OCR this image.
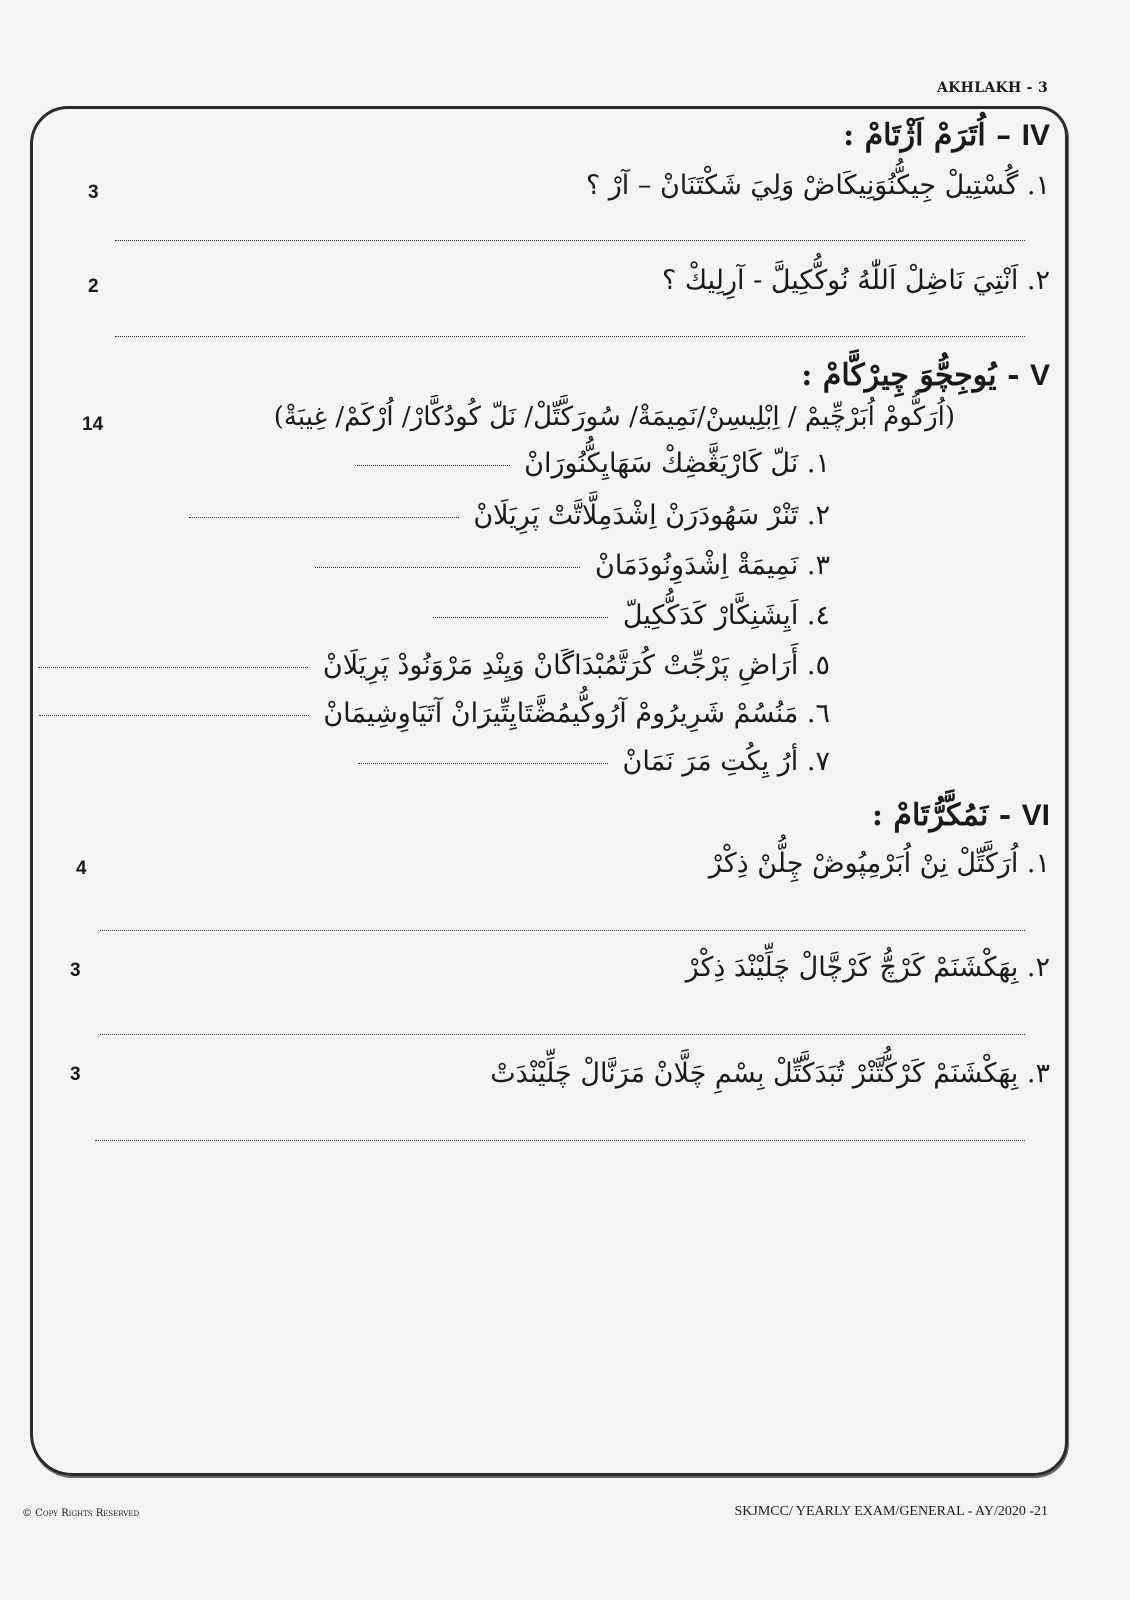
AKHLAKH - 3
IV – اُتَرَمْ اَژْتَامْ :
١. گُسْتِيلْ جِيكُّنُوَنِيكَاڞْ وَلِيَ شَكْتَنَانْ – آرْ ؟
3
٢. اَنْتِيَ نَاڞِلْ اَللّٰهُ نُوكُّكِيلَّ - آرِلِيكْ ؟
2
V - يُوجِچُّوَ چِيرْكَّامْ :
14	(اُرَكُّومْ اُبَرْچِّيمْ / اِبْلِيسِنْ/نَمِيمَةْ/ سُورَكَّتِّلْ/ نَلّ كُودُكَّارْ/ اُرْكَمْ/ غِيبَةْ)
١. نَلّ كَارْيَڠَّڞِكْ سَهَايِكُّنُورَانْ
٢. تَنْرْ سَهُودَرَنْ اِشْدَمِلَّاتَّتْ پَرِيَلَانْ
٣. نَمِيمَةْ اِشْدَوِنُودَمَانْ
٤. اَيِشَنِكَّارْ كَدَكُّكِيلّ
٥. أَرَاڞِ پَرْجِّتْ كُرَتَّمُبْدَاگَانْ وَيِنْدِ مَرْوَنُودْ پَرِيَلَانْ
٦. مَنُسُمْ شَرِيرُومْ آرُوكُّيمُڞَّتَايِتِّيرَانْ آتَيَاوِشِيمَانْ
٧. أرُ يِكُتِ مَرَ نَمَانْ
VI - نَمُكَّرُّتَامْ :
١. اُرَكَّتِّلْ نِنْ اُبَرْمِپُوڞْ چِلُّنْ ذِكْرْ
4
٢. بِهَكْشَنَمْ كَرْچُّ كَرْچَّالْ چَلِّيْنْدَ ذِكْرْ
3
٣. بِهَكْشَنَمْ كَرْكُّتَّنْرْ تُبَدَكَّتِّلْ بِسْمِ چَلَّانْ مَرَنَّالْ چَلِّيْنْدَتْ
3
© Copy Rights Reserved	SKJMCC/ YEARLY EXAM/GENERAL - AY/2020 -21
